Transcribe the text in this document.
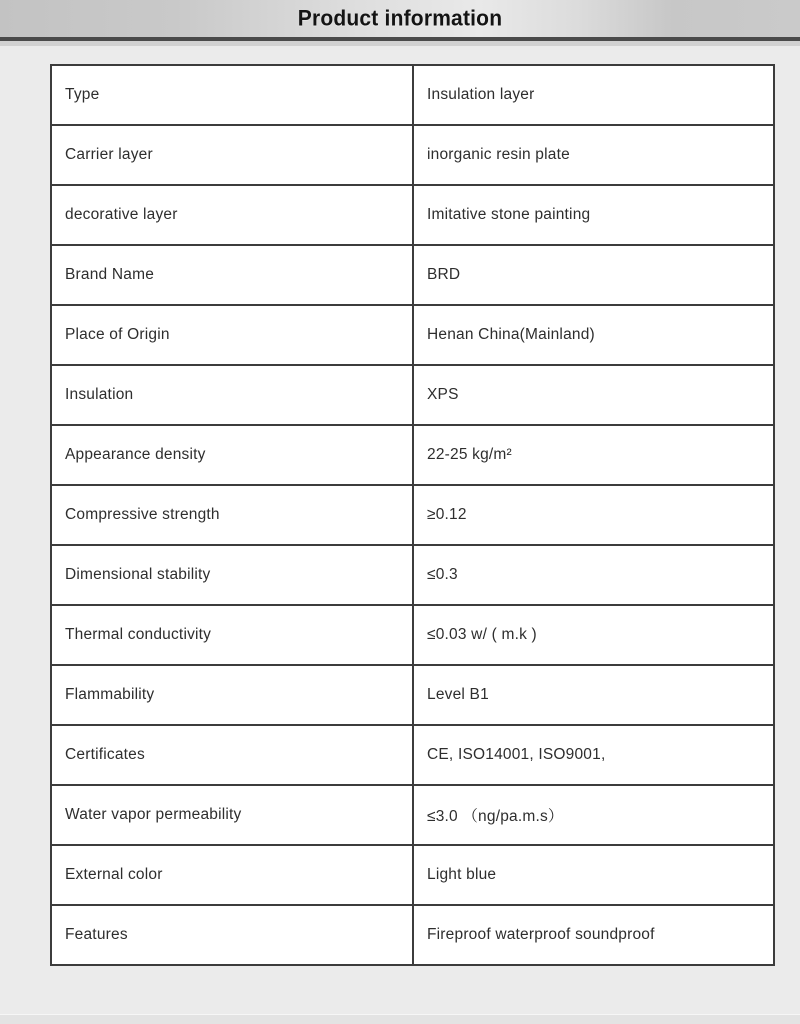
Product information
Type	Insulation layer
Carrier layer	inorganic resin plate
decorative layer	Imitative stone painting
Brand Name	BRD
Place of Origin	Henan China(Mainland)
Insulation	XPS
Appearance density	22-25 kg/m²
Compressive strength	≥0.12
Dimensional stability	≤0.3
Thermal conductivity	≤0.03 w/ ( m.k )
Flammability	Level B1
Certificates	CE, ISO14001, ISO9001,
Water vapor permeability	≤3.0 （ng/pa.m.s）
External color	Light blue
Features	Fireproof waterproof soundproof
